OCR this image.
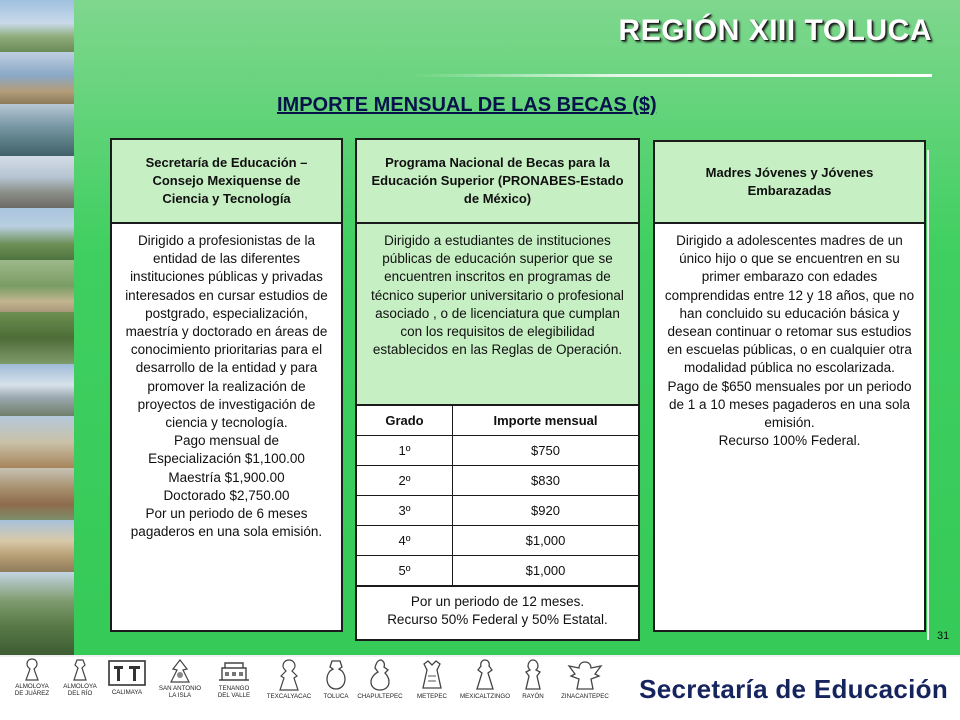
REGIÓN XIII TOLUCA
IMPORTE MENSUAL DE LAS BECAS ($)
Secretaría de Educación –
Consejo Mexiquense de
Ciencia y Tecnología
Dirigido a profesionistas de la entidad de las diferentes instituciones públicas y privadas interesados en cursar estudios de postgrado, especialización, maestría y doctorado en áreas de conocimiento prioritarias para el desarrollo de la entidad y para promover la realización de proyectos de investigación de ciencia y tecnología.
Pago mensual de
Especialización $1,100.00
Maestría $1,900.00
Doctorado $2,750.00
Por un periodo de 6 meses pagaderos en una sola emisión.
Programa Nacional de Becas para la Educación Superior (PRONABES-Estado de México)
Dirigido a estudiantes de instituciones públicas de educación superior que se encuentren inscritos en programas de técnico superior universitario o profesional asociado , o de licenciatura que cumplan con los requisitos de elegibilidad establecidos en las Reglas de Operación.
Grado	Importe mensual
1º	$750
2º	$830
3º	$920
4º	$1,000
5º	$1,000
Por un periodo de 12 meses.
Recurso 50% Federal y 50% Estatal.
Madres Jóvenes y Jóvenes Embarazadas
Dirigido a adolescentes madres de un único hijo o que se encuentren en su primer embarazo con edades comprendidas entre 12 y 18 años, que no han concluido su educación básica y desean continuar o retomar sus estudios en escuelas públicas, o en cualquier otra modalidad pública no escolarizada.
Pago de $650 mensuales por un periodo de 1 a 10 meses pagaderos en una sola emisión.
Recurso 100% Federal.
31
ALMOLOYA
DE JUÁREZ
ALMOLOYA
DEL RÍO	CALIMAYA
SAN ANTONIO
LA ISLA
TENANGO
DEL VALLE	TEXCALYACAC	TOLUCA	CHAPULTEPEC	METEPEC	MEXICALTZINGO	RAYÓN	ZINACANTEPEC	Secretaría de Educación
